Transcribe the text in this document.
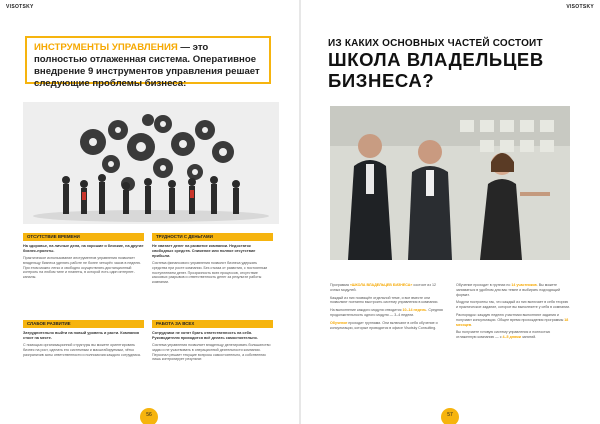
VISOTSKY
ИНСТРУМЕНТЫ УПРАВЛЕНИЯ — это полностью отлаженная система. Оперативное внедрение 9 инструментов управления решает следующие проблемы бизнеса:
ОТСУТСТВИЕ ВРЕМЕНИ
На здоровье, на личные дела, на хорошие и близкие, на другие бизнес-проекты.
Практическое использование инструментов управления позволяет владельцу бизнеса уделять работе не более четырёх часов в неделю. При этом можно легко и свободно осуществлять дистанционный контроль на любом типе и планеты, в которой есть один интернет-каналы.
ТРУДНОСТИ С ДЕНЬГАМИ
Не хватает денег на развитие компании. Недостаток свободных средств. Снижение или полное отсутствие прибыли.
Система финансового управления позволит бизнеса удержать средства при росте компании. Без отказа от развития, с постоянным поступлением денег. Прозрачность всех процессов, отсутствие кассовых разрывов и ответственность денег за результат работы компании.
СЛАБОЕ РАЗВИТИЕ
Затруднительно выйти на новый уровень и расти. Компания стоит на месте.
С помощью организационной структуры вы можете ориентировать бизнес на рост, сделать его системным и масштабируемым, чётко разграничив зоны ответственности и полномочия каждого сотрудника.
РАБОТА ЗА ВСЕХ
Сотрудники не хотят брать ответственность на себя. Руководителю приходится всё делать самостоятельно.
Система управления позволяет владельцу делегировать большинство задач и не участвовать в операционной деятельности компании. Персонал решает текущие вопросы самостоятельно, а собственник лишь контролирует результат.
56
VISOTSKY
ИЗ КАКИХ ОСНОВНЫХ ЧАСТЕЙ СОСТОИТ
ШКОЛА ВЛАДЕЛЬЦЕВ БИЗНЕСА?
Программа «ШКОЛА ВЛАДЕЛЬЦЕВ БИЗНЕСА» состоит из 12 очных модулей.
Каждый из них посвящён отдельной теме, и все вместе они позволяют поэтапно выстроить систему управления в компании.
На выполнение каждого модуля отводится 10–14 недель. Средняя продолжительность одного модуля — 3–4 недели.
Обучение проходит группами. Они включают в себя обучение и консультации, которые проводятся в офисе Visotsky Consulting.
Обучение проходит в группах по 14 участников. Вы можете заниматься в удобном для вас темпе и выбирать подходящий формат.
Модули построены так, что каждый из них включает в себя теорию и практическое задание, которое вы выполняете у себя в компании.
Распорядок: каждую неделю участники выполняют задания и получают консультации. Общее время прохождения программы 18 месяцев.
Вы получаете готовую систему управления и полностью отлаженную компанию — с 4–5 днями занятий.
57
